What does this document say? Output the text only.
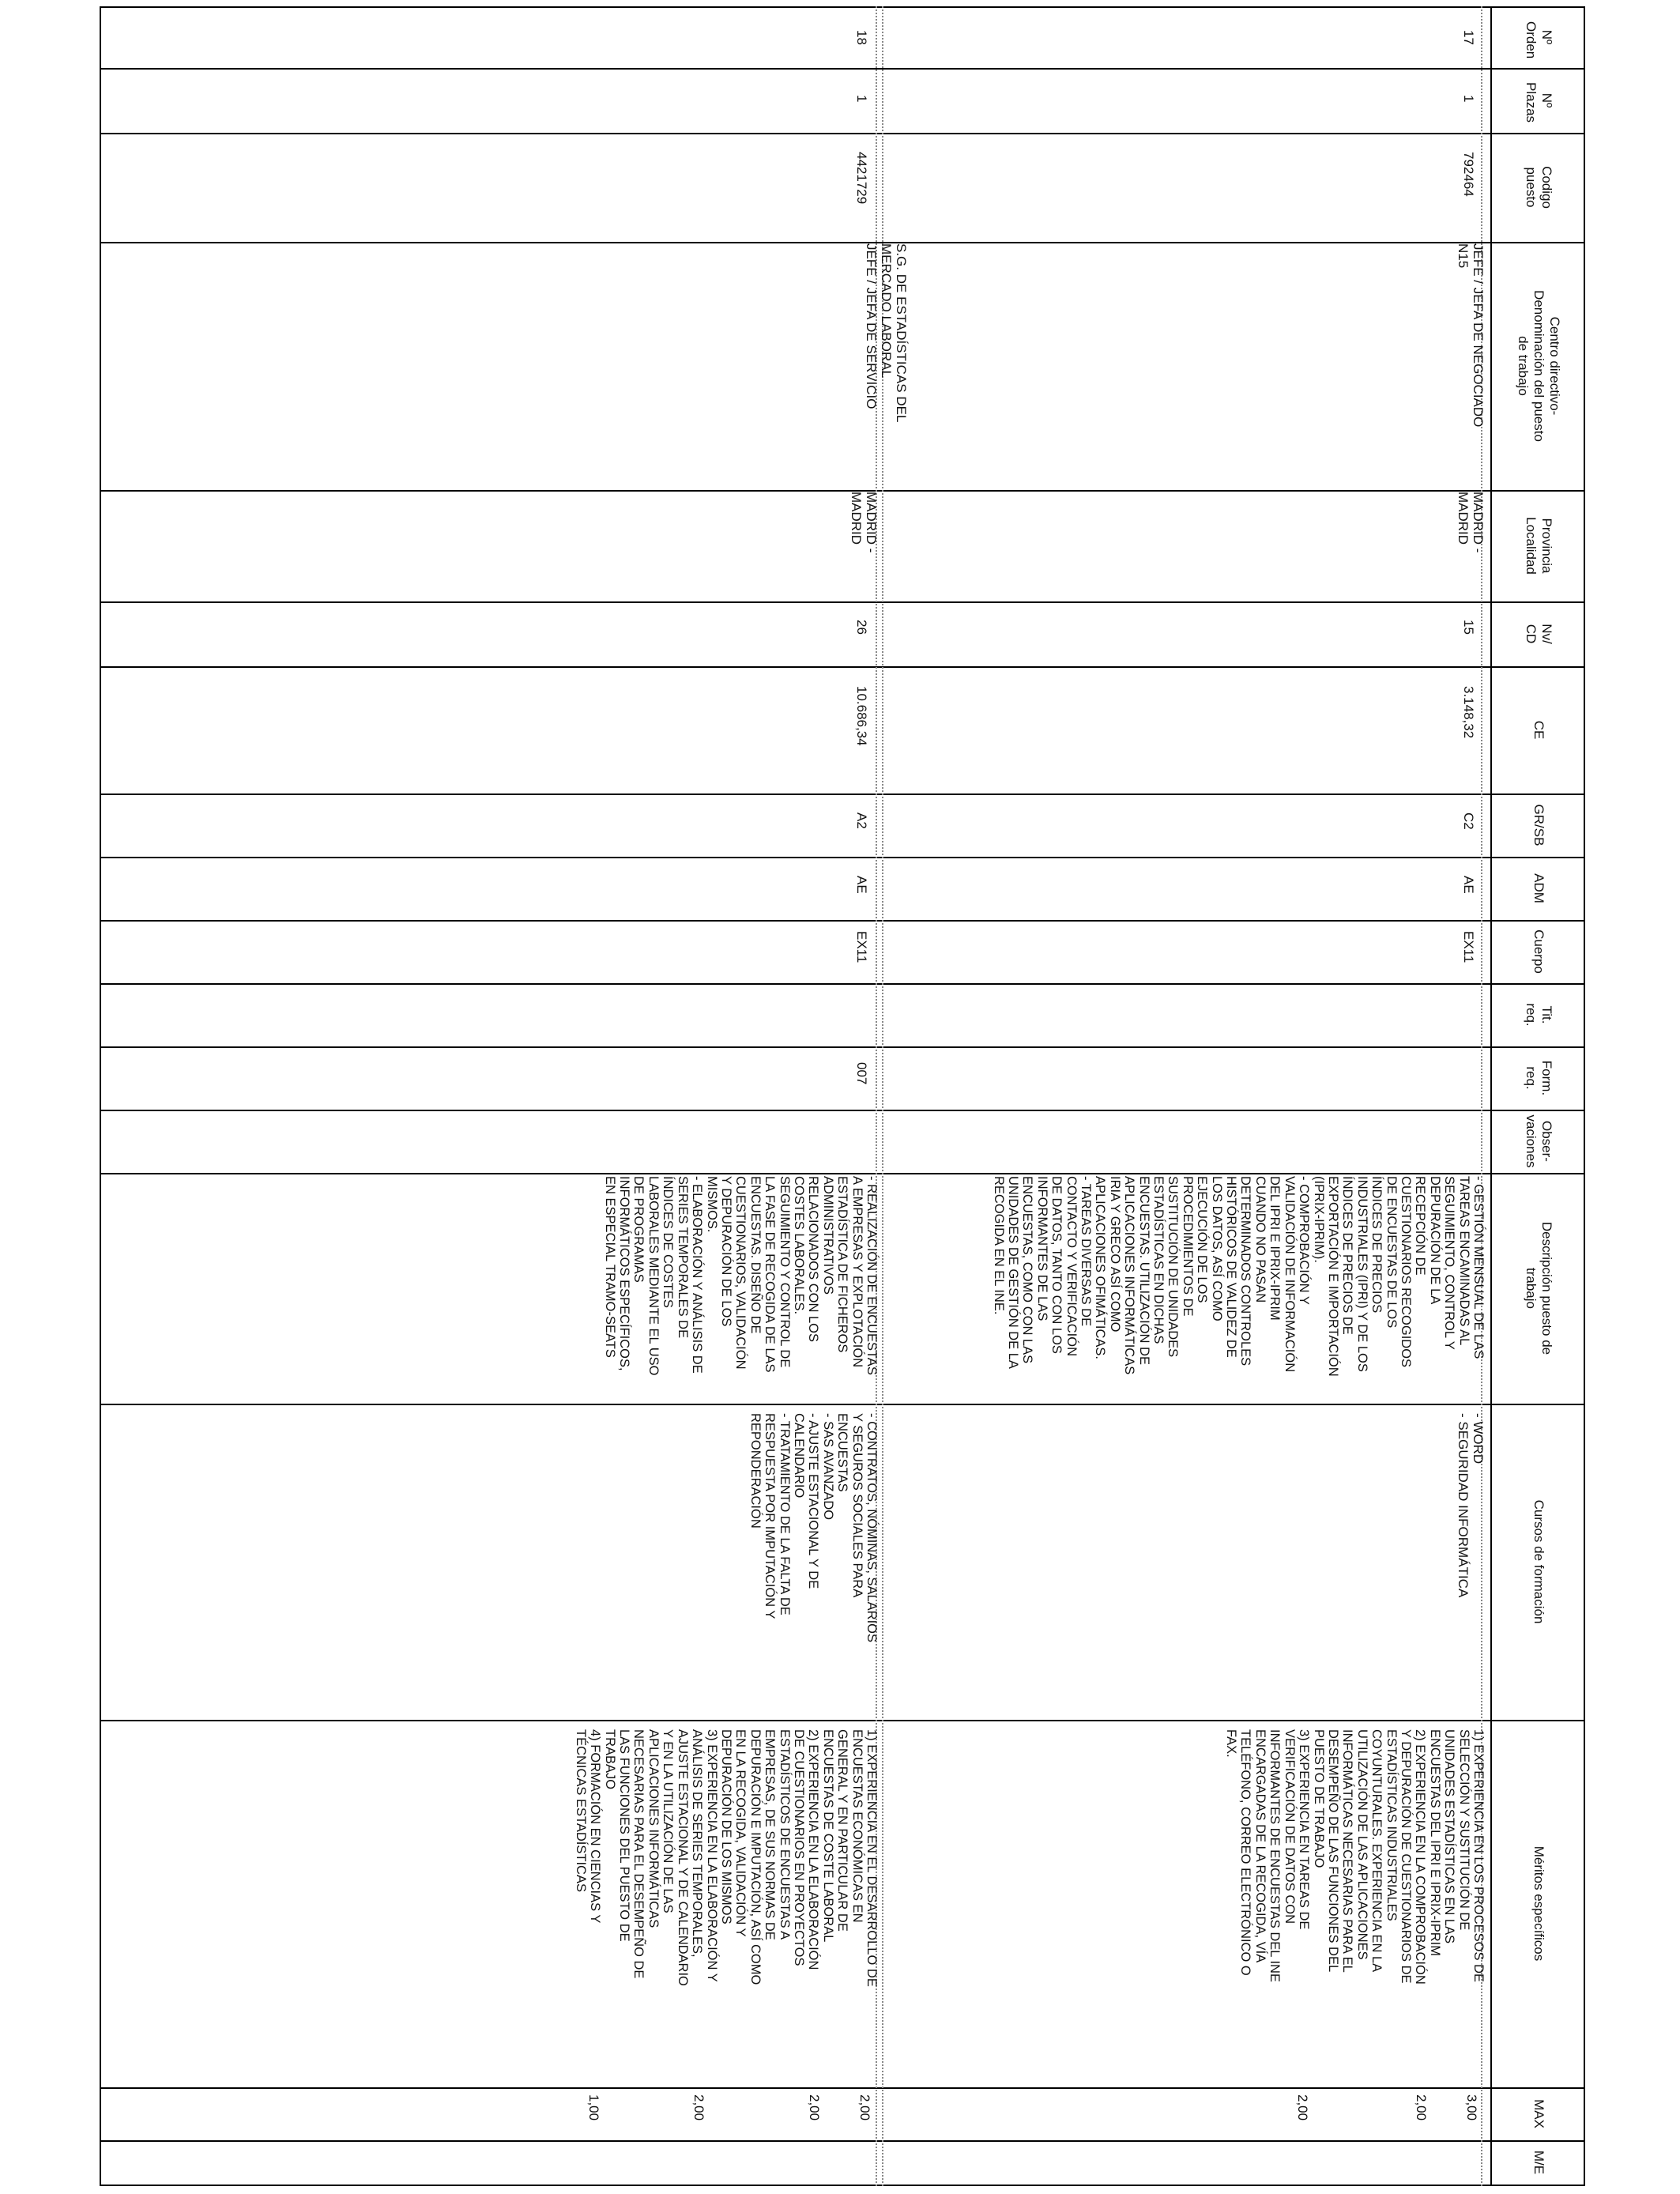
Nº Orden
Nº Plazas
Codigo puesto
Centro directivo-
Denominación del puesto
de trabajo
Provincia
Localidad
Nv/
CD
CE
GR/SB
ADM
Cuerpo
Tit.
req.
Form.
req.
Obser-
vaciones
Descripción puesto de
trabajo
Cursos de formación
Méritos específicos
MAX
M/E
17
1
792464
JEFE / JEFA DE NEGOCIADO
N15
MADRID -
MADRID
15
3.148,32
C2
AE
EX11
- GESTIÓN MENSUAL DE LAS
TAREAS ENCAMINADAS AL
SEGUIMIENTO, CONTROL Y
DEPURACIÓN DE LA
RECEPCIÓN DE
CUESTIONARIOS RECOGIDOS
DE ENCUESTAS DE LOS
ÍNDICES DE PRECIOS
INDUSTRIALES (IPRI) Y DE LOS
ÍNDICES DE PRECIOS DE
EXPORTACIÓN E IMPORTACIÓN
(IPRIX-IPRIM).
- COMPROBACIÓN Y
VALIDACIÓN DE INFORMACIÓN
DEL IPRI E IPRIX-IPRIM
CUANDO NO PASAN
DETERMINADOS CONTROLES
HISTÓRICOS DE VALIDEZ DE
LOS DATOS, ASÍ COMO
EJECUCIÓN DE LOS
PROCEDIMIENTOS DE
SUSTITUCIÓN DE UNIDADES
ESTADÍSTICAS EN DICHAS
ENCUESTAS. UTILIZACIÓN DE
APLICACIONES INFORMÁTICAS
IRIA Y GRECO ASÍ COMO
APLICACIONES OFIMÁTICAS.
- TAREAS DIVERSAS DE
CONTACTO Y VERIFICACIÓN
DE DATOS, TANTO CON LOS
INFORMANTES DE LAS
ENCUESTAS, COMO CON LAS
UNIDADES DE GESTIÓN DE LA
RECOGIDA EN EL INE.
- WORD
- SEGURIDAD INFORMÁTICA
1) EXPERIENCIA EN LOS PROCESOS DE
SELECCIÓN Y SUSTITUCIÓN DE
UNIDADES ESTADÍSTICAS EN LAS
ENCUESTAS DEL IPRI E IPRIX-IPRIM
2) EXPERIENCIA EN LA COMPROBACIÓN
Y DEPURACIÓN DE CUESTIONARIOS DE
ESTADÍSTICAS INDUSTRIALES
COYUNTURALES. EXPERIENCIA EN LA
UTILIZACIÓN DE LAS APLICACIONES
INFORMÁTICAS NECESARIAS PARA EL
DESEMPEÑO DE LAS FUNCIONES DEL
PUESTO DE TRABAJO
3) EXPERIENCIA EN TAREAS DE
VERIFICACIÓN DE DATOS CON
INFORMANTES DE ENCUESTAS DEL INE
ENCARGADAS DE LA RECOGIDA, VÍA
TELÉFONO, CORREO ELECTRÓNICO O
FAX.
3,00
2,00
2,00
S.G. DE ESTADÍSTICAS DEL
MERCADO LABORAL
18
1
4421729
JEFE / JEFA DE SERVICIO
MADRID -
MADRID
26
10.686,34
A2
AE
EX11
007
- REALIZACIÓN DE ENCUESTAS
A EMPRESAS Y EXPLOTACIÓN
ESTADÍSTICA DE FICHEROS
ADMINISTRATIVOS
RELACIONADOS CON LOS
COSTES LABORALES.
SEGUIMIENTO Y CONTROL DE
LA FASE DE RECOGIDA DE LAS
ENCUESTAS. DISEÑO DE
CUESTIONARIOS, VALIDACIÓN
Y DEPURACIÓN DE LOS
MISMOS.
- ELABORACIÓN Y ANÁLISIS DE
SERIES TEMPORALES DE
ÍNDICES DE COSTES
LABORALES MEDIANTE EL USO
DE PROGRAMAS
INFORMÁTICOS ESPECÍFICOS,
EN ESPECIAL TRAMO-SEATS
- CONTRATOS, NÓMINAS, SALARIOS
Y SEGUROS SOCIALES PARA
ENCUESTAS
- SAS AVANZADO
- AJUSTE ESTACIONAL Y DE
CALENDARIO
- TRATAMIENTO DE LA FALTA DE
RESPUESTA POR IMPUTACIÓN Y
REPONDERACIÓN
1) EXPERIENCIA EN EL DESARROLLO DE
ENCUESTAS ECONÓMICAS EN
GENERAL Y EN PARTICULAR DE
ENCUESTAS DE COSTE LABORAL
2) EXPERIENCIA EN LA ELABORACIÓN
DE CUESTIONARIOS EN PROYECTOS
ESTADÍSTICOS DE ENCUESTAS A
EMPRESAS, DE SUS NORMAS DE
DEPURACIÓN E IMPUTACIÓN, ASÍ COMO
EN LA RECOGIDA, VALIDACIÓN Y
DEPURACIÓN DE LOS MISMOS
3) EXPERIENCIA EN LA ELABORACIÓN Y
ANÁLISIS DE SERIES TEMPORALES,
AJUSTE ESTACIONAL Y DE CALENDARIO
Y EN LA UTILIZACIÓN DE LAS
APLICACIONES INFORMÁTICAS
NECESARIAS PARA EL DESEMPEÑO DE
LAS FUNCIONES DEL PUESTO DE
TRABAJO
4) FORMACIÓN EN CIENCIAS Y
TÉCNICAS ESTADÍSTICAS
2,00
2,00
2,00
1,00
